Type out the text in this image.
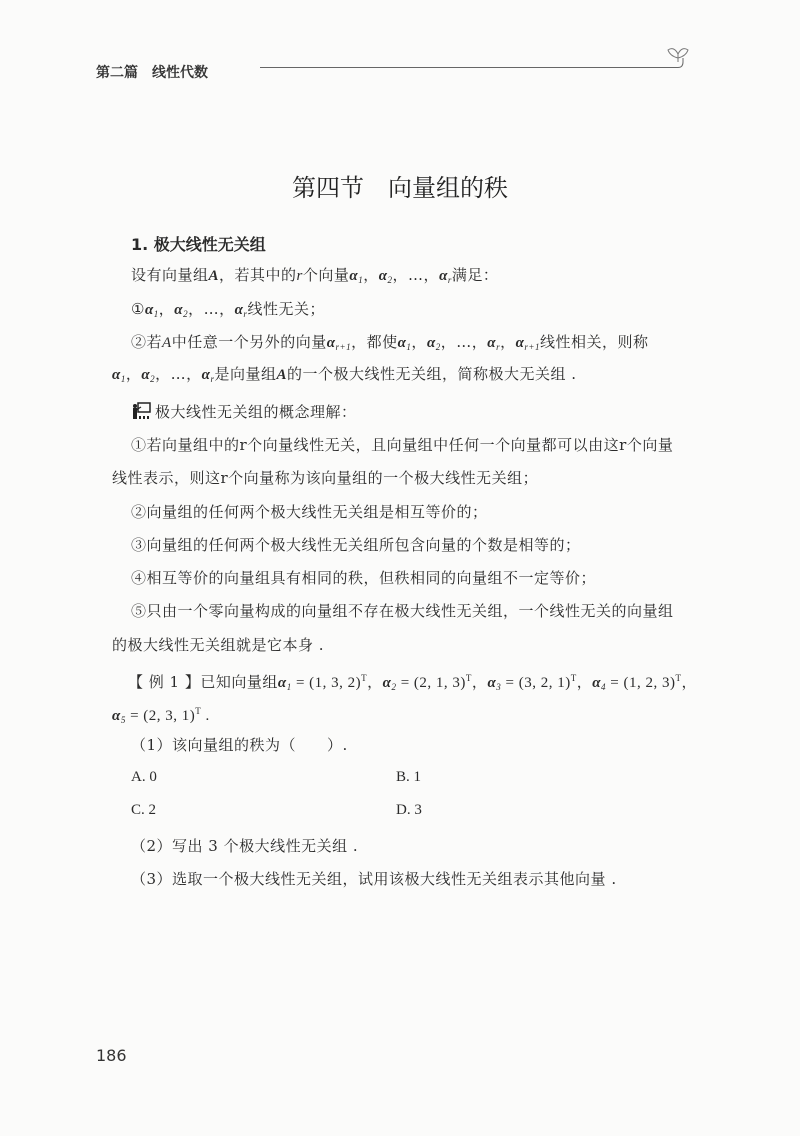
第二篇　 线性代数
第四节　向量组的秩
1. 极大线性无关组
设有向量组A，若其中的r个向量$\alpha_1$，$\alpha_2$，…，$\alpha_r$满足：
$①\alpha_1$，$\alpha_2$，…，$\alpha_r$线性无关；
②若A中任意一个另外的向量$\alpha_{r+1}$，都使$\alpha_1$，$\alpha_2$，…，$\alpha_r$，$\alpha_{r+1}$线性相关，则称
$\alpha_1$，$\alpha_2$，…，$\alpha_r$是向量组A的一个极大线性无关组，简称极大无关组 .
极大线性无关组的概念理解：
①若向量组中的r个向量线性无关，且向量组中任何一个向量都可以由这r个向量
线性表示，则这r个向量称为该向量组的一个极大线性无关组；
②向量组的任何两个极大线性无关组是相互等价的；
③向量组的任何两个极大线性无关组所包含向量的个数是相等的；
④相互等价的向量组具有相同的秩，但秩相同的向量组不一定等价；
⑤只由一个零向量构成的向量组不存在极大线性无关组，一个线性无关的向量组
的极大线性无关组就是它本身 .
【 例 1 】已知向量组$\alpha_1 = (1$, 3, 2)$^T$，$\alpha_2 = (2$, 1, 3)$^T$，$\alpha_3 = (3$, 2, 1)$^T$，$\alpha_4 = (1$, 2, 3)$^T$，
$\alpha_5 = (2$, 3, 1)$^T$ .
（1）该向量组的秩为（　　）.
A. 0	B. 1
C. 2	D. 3
（2）写出 3 个极大线性无关组 .
（3）选取一个极大线性无关组，试用该极大线性无关组表示其他向量 .
186
